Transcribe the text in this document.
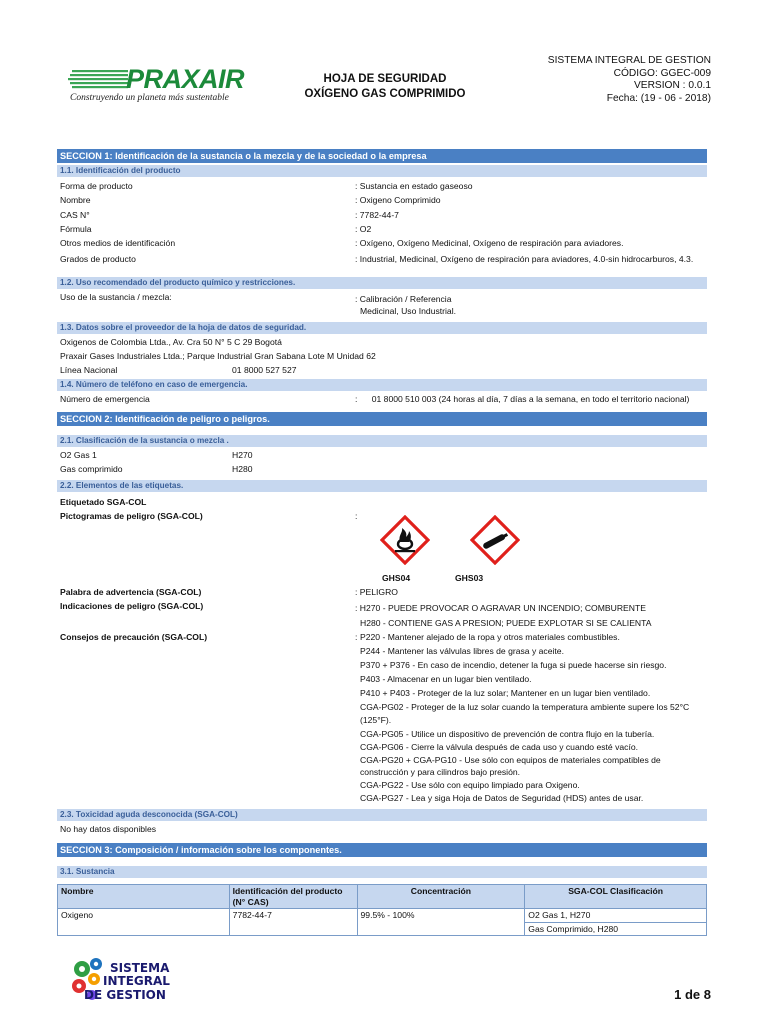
PRAXAIR
Construyendo un planeta más sustentable
HOJA DE SEGURIDAD
OXÍGENO GAS COMPRIMIDO
SISTEMA INTEGRAL DE GESTION
CÓDIGO: GGEC-009
VERSION : 0.0.1
Fecha: (19 - 06 - 2018)
SECCION 1: Identificación de la sustancia o la mezcla y de la sociedad o la empresa
1.1. Identificación del producto
Forma de producto	: Sustancia en estado gaseoso
Nombre	: Oxigeno Comprimido
CAS N°	: 7782-44-7
Fórmula	: O2
Otros medios de identificación	: Oxígeno, Oxígeno Medicinal, Oxígeno de respiración para aviadores.
Grados de producto	: Industrial, Medicinal, Oxígeno de respiración para aviadores, 4.0-sin hidrocarburos, 4.3.
1.2. Uso recomendado del producto químico y restricciones.
Uso de la sustancia / mezcla:	: Calibración / Referencia
Medicinal, Uso Industrial.
1.3. Datos sobre el proveedor de la hoja de datos de seguridad.
Oxigenos de Colombia Ltda., Av. Cra 50 N° 5 C 29 Bogotá
Praxair Gases Industriales Ltda.; Parque Industrial Gran Sabana Lote M Unidad 62
Línea Nacional	01 8000 527 527
1.4. Número de teléfono en caso de emergencia.
Número de emergencia	:      01 8000 510 003 (24 horas al día, 7 días a la semana, en todo el territorio nacional)
SECCION 2: Identificación de peligro o peligros.
2.1. Clasificación de la sustancia o mezcla .
O2 Gas 1	H270
Gas comprimido	H280
2.2. Elementos de las etiquetas.
Etiquetado SGA-COL
Pictogramas de peligro (SGA-COL)	:
GHS04	GHS03
Palabra de advertencia (SGA-COL)	: PELIGRO
Indicaciones de peligro (SGA-COL)	: H270 - PUEDE PROVOCAR O AGRAVAR UN INCENDIO; COMBURENTE
H280 - CONTIENE GAS A PRESION; PUEDE EXPLOTAR SI SE CALIENTA
Consejos de precaución (SGA-COL)	: P220 - Mantener alejado de la ropa y otros materiales combustibles.
P244 - Mantener las válvulas libres de grasa y aceite.
P370 + P376 - En caso de incendio, detener la fuga si puede hacerse sin riesgo.
P403 - Almacenar en un lugar bien ventilado.
P410 + P403 - Proteger de la luz solar; Mantener en un lugar bien ventilado.
CGA-PG02 - Proteger de la luz solar cuando la temperatura ambiente supere los 52°C
(125°F).
CGA-PG05 - Utilice un dispositivo de prevención de contra flujo en la tubería.
CGA-PG06 - Cierre la válvula después de cada uso y cuando esté vacío.
CGA-PG20 + CGA-PG10 - Use sólo con equipos de materiales compatibles de
construcción y para cilindros bajo presión.
CGA-PG22 - Use sólo con equipo limpiado para Oxigeno.
CGA-PG27 - Lea y siga Hoja de Datos de Seguridad (HDS) antes de usar.
2.3. Toxicidad aguda desconocida (SGA-COL)
No hay datos disponibles
SECCION 3: Composición / información sobre los componentes.
3.1. Sustancia
Nombre	Identificación del producto (N° CAS)	Concentración	SGA-COL Clasificación
Oxigeno	7782-44-7	99.5% - 100%	O2 Gas 1, H270
			Gas Comprimido, H280
SISTEMA
INTEGRAL
DE GESTION	1 de 8
